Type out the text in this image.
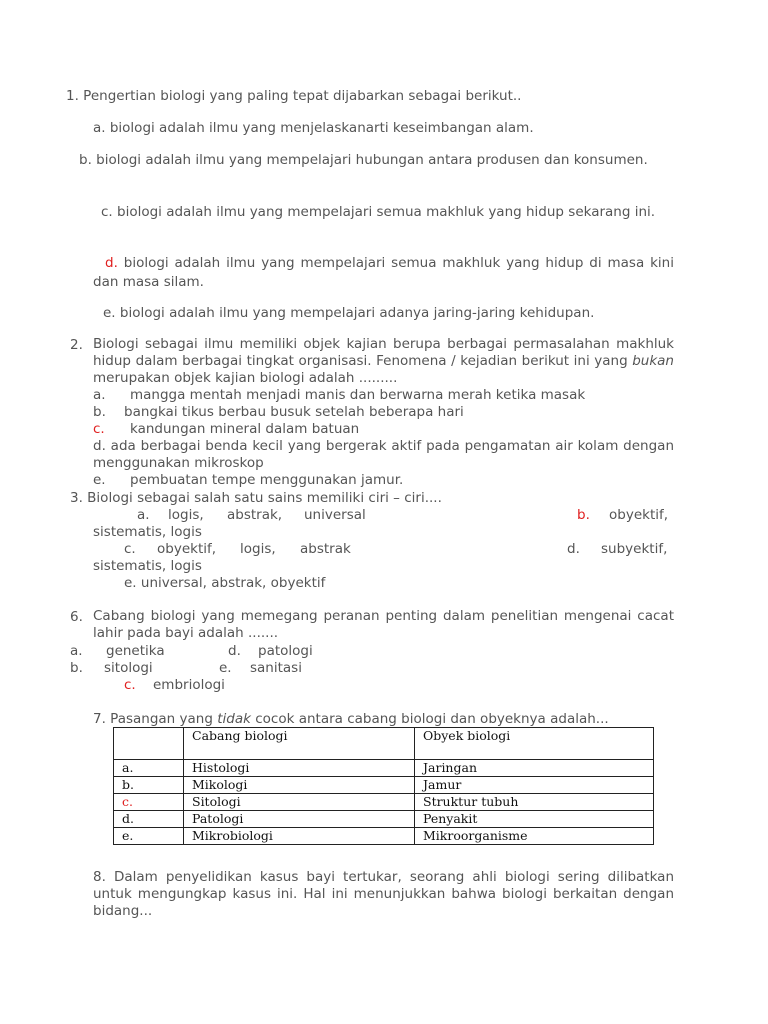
1. Pengertian biologi yang paling tepat dijabarkan sebagai berikut..
a. biologi adalah ilmu yang menjelaskanarti keseimbangan alam.
b. biologi adalah ilmu yang mempelajari hubungan antara produsen dan konsumen.
c. biologi adalah ilmu yang mempelajari semua makhluk yang hidup sekarang ini.
d. biologi adalah ilmu yang mempelajari semua makhluk yang hidup di masa kini dan masa silam.
e. biologi adalah ilmu yang mempelajari adanya jaring-jaring kehidupan.
2. Biologi sebagai ilmu memiliki objek kajian berupa berbagai permasalahan makhluk hidup dalam berbagai tingkat organisasi. Fenomena / kejadian berikut ini yang bukan merupakan objek kajian biologi adalah .........
a. mangga mentah menjadi manis dan berwarna merah ketika masak
b. bangkai tikus berbau busuk setelah beberapa hari
c. kandungan mineral dalam batuan
d. ada berbagai benda kecil yang bergerak aktif pada pengamatan air kolam dengan menggunakan mikroskop
e. pembuatan tempe menggunakan jamur.
3. Biologi sebagai salah satu sains memiliki ciri – ciri....
a. logis, abstrak, universal	b. obyektif,
sistematis, logis
c. obyektif, logis, abstrak	d. subyektif,
sistematis, logis
e. universal, abstrak, obyektif
6. Cabang biologi yang memegang peranan penting dalam penelitian mengenai cacat lahir pada bayi adalah .......
a. genetika	d. patologi
b. sitologi	e. sanitasi
c. embriologi
7. Pasangan yang tidak cocok antara cabang biologi dan obyeknya adalah...
	Cabang biologi	Obyek biologi
a.	Histologi	Jaringan
b.	Mikologi	Jamur
c.	Sitologi	Struktur tubuh
d.	Patologi	Penyakit
e.	Mikrobiologi	Mikroorganisme
8. Dalam penyelidikan kasus bayi tertukar, seorang ahli biologi sering dilibatkan untuk mengungkap kasus ini. Hal ini menunjukkan bahwa biologi berkaitan dengan bidang...
